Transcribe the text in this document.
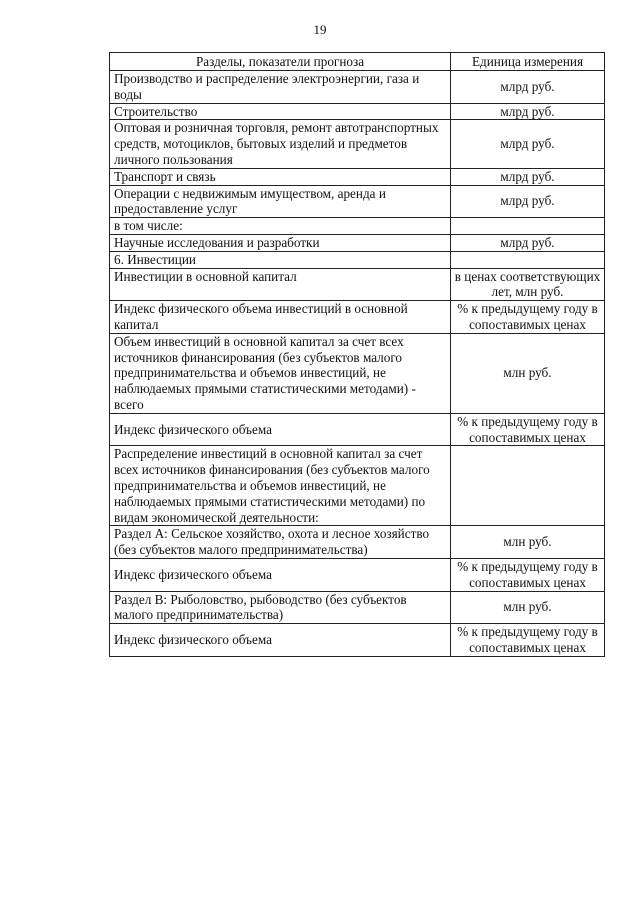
19
Разделы, показатели прогноза	Единица измерения
Производство и распределение электроэнергии, газа и воды	млрд руб.
Строительство	млрд руб.
Оптовая и розничная торговля, ремонт автотранспортных средств, мотоциклов, бытовых изделий и предметов личного пользования	млрд руб.
Транспорт и связь	млрд руб.
Операции с недвижимым имуществом, аренда и предоставление услуг	млрд руб.
в том числе:	
Научные исследования и разработки	млрд руб.
6. Инвестиции	
Инвестиции в основной капитал	в ценах соответствующих лет, млн руб.
Индекс физического объема инвестиций в основной капитал	% к предыдущему году в сопоставимых ценах
Объем инвестиций в основной капитал за счет всех источников финансирования (без субъектов малого предпринимательства и объемов инвестиций, не наблюдаемых прямыми статистическими методами) - всего	млн руб.
Индекс физического объема	% к предыдущему году в сопоставимых ценах
Распределение инвестиций в основной капитал за счет всех источников финансирования (без субъектов малого предпринимательства и объемов инвестиций, не наблюдаемых прямыми статистическими методами) по видам экономической деятельности:	
Раздел А: Сельское хозяйство, охота и лесное хозяйство (без субъектов малого предпринимательства)	млн руб.
Индекс физического объема	% к предыдущему году в сопоставимых ценах
Раздел В: Рыболовство, рыбоводство (без субъектов малого предпринимательства)	млн руб.
Индекс физического объема	% к предыдущему году в сопоставимых ценах
